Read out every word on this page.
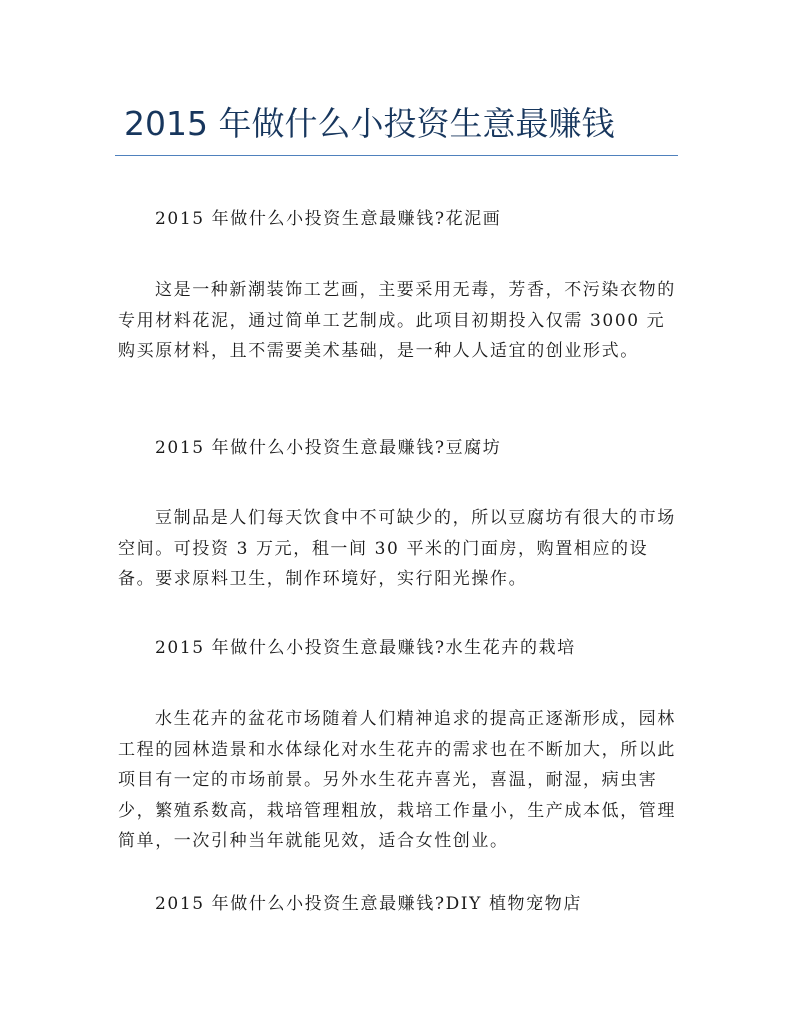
2015 年做什么小投资生意最赚钱
2015 年做什么小投资生意最赚钱?花泥画
这是一种新潮装饰工艺画，主要采用无毒，芳香，不污染衣物的专用材料花泥，通过简单工艺制成。此项目初期投入仅需 3000 元购买原材料，且不需要美术基础，是一种人人适宜的创业形式。
2015 年做什么小投资生意最赚钱?豆腐坊
豆制品是人们每天饮食中不可缺少的，所以豆腐坊有很大的市场空间。可投资 3 万元，租一间 30 平米的门面房，购置相应的设备。要求原料卫生，制作环境好，实行阳光操作。
2015 年做什么小投资生意最赚钱?水生花卉的栽培
水生花卉的盆花市场随着人们精神追求的提高正逐渐形成，园林工程的园林造景和水体绿化对水生花卉的需求也在不断加大，所以此项目有一定的市场前景。另外水生花卉喜光，喜温，耐湿，病虫害少，繁殖系数高，栽培管理粗放，栽培工作量小，生产成本低，管理简单，一次引种当年就能见效，适合女性创业。
2015 年做什么小投资生意最赚钱?DIY 植物宠物店
